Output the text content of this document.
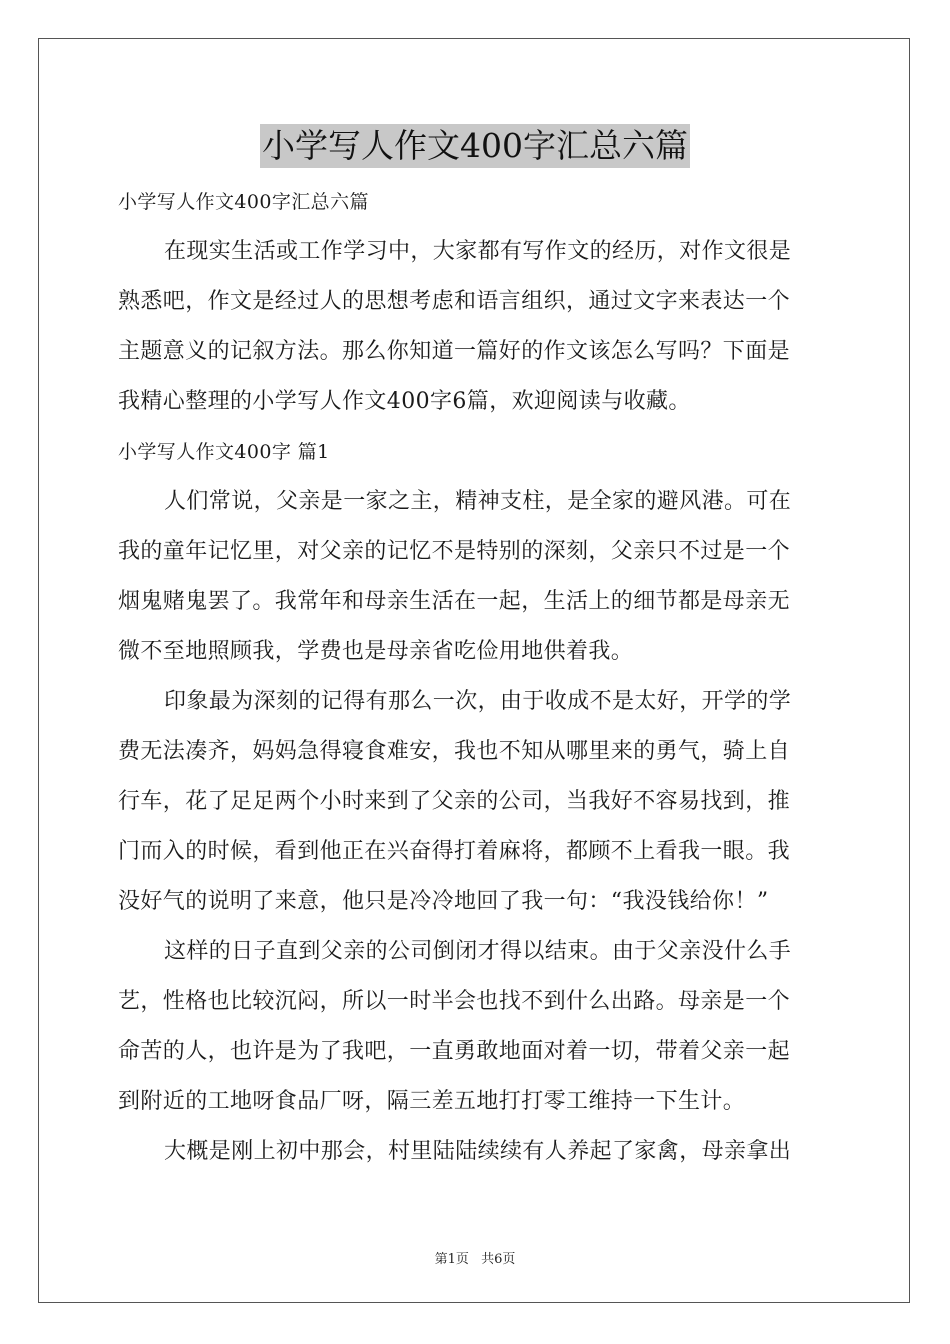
小学写人作文400字汇总六篇
小学写人作文400字汇总六篇
在现实生活或工作学习中，大家都有写作文的经历，对作文很是
熟悉吧，作文是经过人的思想考虑和语言组织，通过文字来表达一个
主题意义的记叙方法。那么你知道一篇好的作文该怎么写吗？下面是
我精心整理的小学写人作文400字6篇，欢迎阅读与收藏。
小学写人作文400字 篇1
人们常说，父亲是一家之主，精神支柱，是全家的避风港。可在
我的童年记忆里，对父亲的记忆不是特别的深刻，父亲只不过是一个
烟鬼赌鬼罢了。我常年和母亲生活在一起，生活上的细节都是母亲无
微不至地照顾我，学费也是母亲省吃俭用地供着我。
印象最为深刻的记得有那么一次，由于收成不是太好，开学的学
费无法凑齐，妈妈急得寝食难安，我也不知从哪里来的勇气，骑上自
行车，花了足足两个小时来到了父亲的公司，当我好不容易找到，推
门而入的时候，看到他正在兴奋得打着麻将，都顾不上看我一眼。我
没好气的说明了来意，他只是冷冷地回了我一句：“我没钱给你！”
这样的日子直到父亲的公司倒闭才得以结束。由于父亲没什么手
艺，性格也比较沉闷，所以一时半会也找不到什么出路。母亲是一个
命苦的人，也许是为了我吧，一直勇敢地面对着一切，带着父亲一起
到附近的工地呀食品厂呀，隔三差五地打打零工维持一下生计。
大概是刚上初中那会，村里陆陆续续有人养起了家禽，母亲拿出
第1页 共6页
